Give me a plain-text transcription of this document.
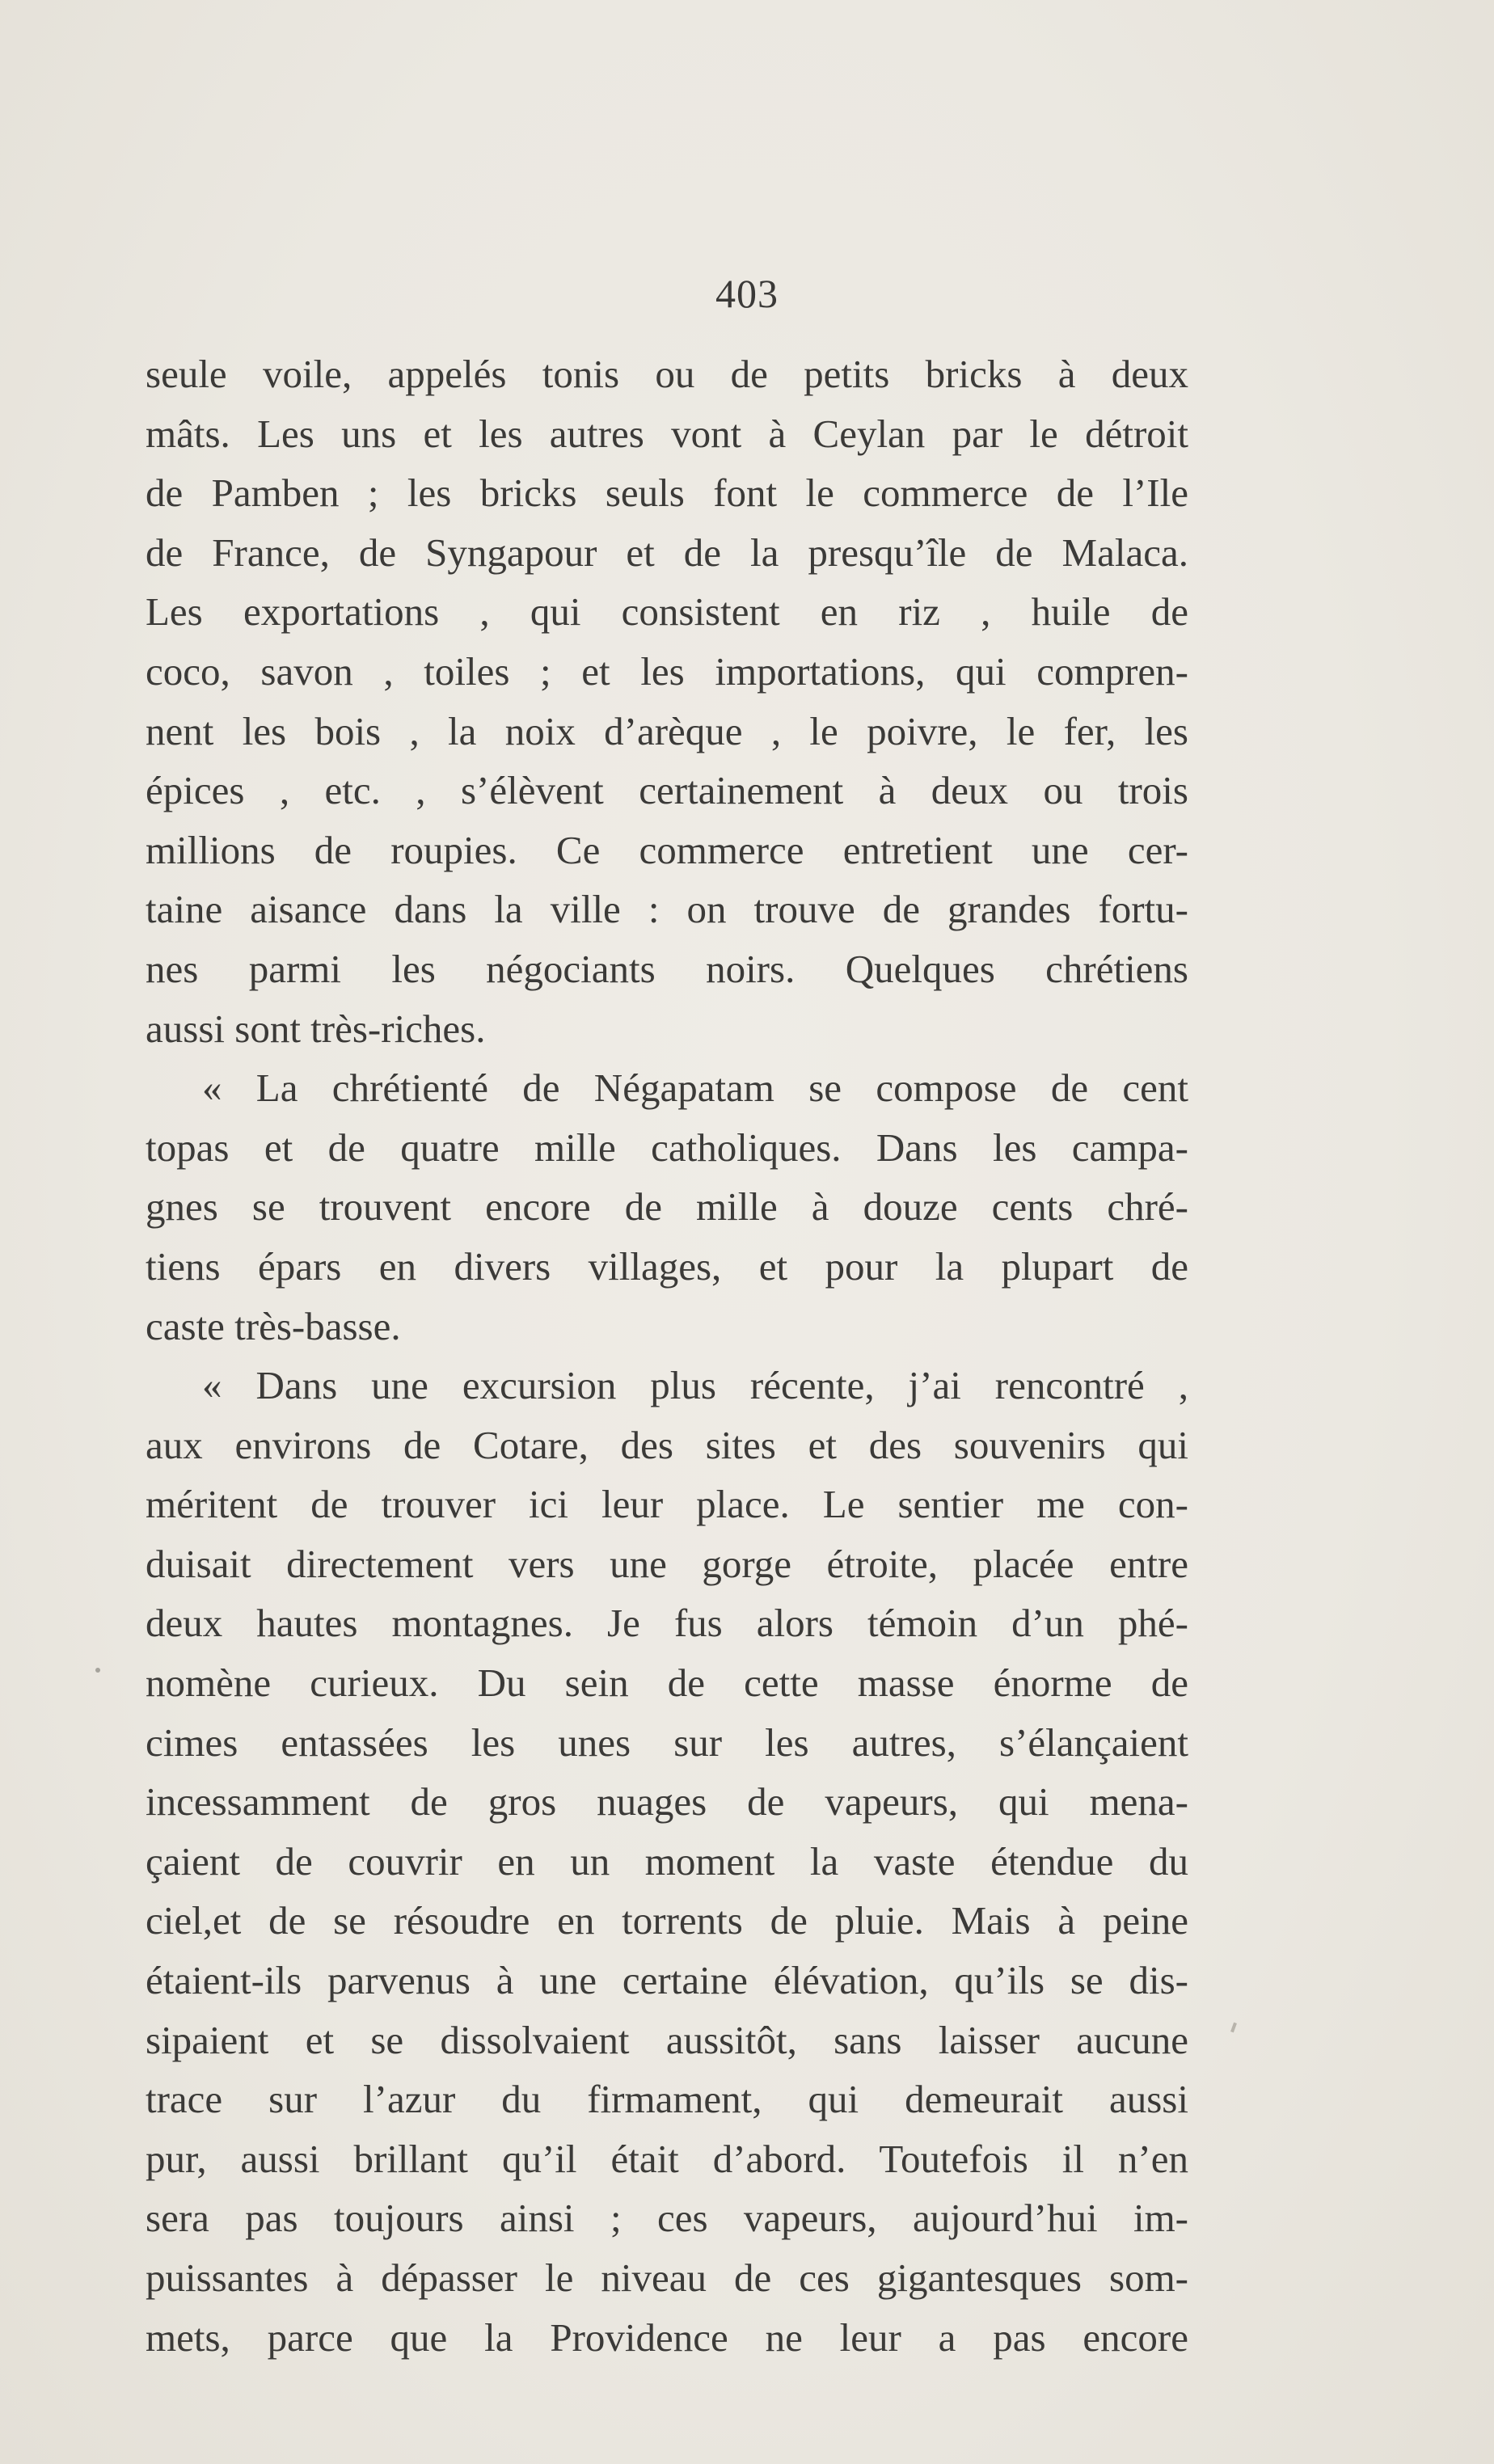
403
seule voile, appelés tonis ou de petits bricks à deux
mâts. Les uns et les autres vont à Ceylan par le détroit
de Pamben ; les bricks seuls font le commerce de l’Ile
de France, de Syngapour et de la presqu’île de Malaca.
Les exportations , qui consistent en riz , huile de
coco, savon , toiles ; et les importations, qui compren-
nent les bois , la noix d’arèque , le poivre, le fer, les
épices , etc. , s’élèvent certainement à deux ou trois
millions de roupies. Ce commerce entretient une cer-
taine aisance dans la ville : on trouve de grandes fortu-
nes parmi les négociants noirs. Quelques chrétiens
aussi sont très-riches.
« La chrétienté de Négapatam se compose de cent
topas et de quatre mille catholiques. Dans les campa-
gnes se trouvent encore de mille à douze cents chré-
tiens épars en divers villages, et pour la plupart de
caste très-basse.
« Dans une excursion plus récente, j’ai rencontré ,
aux environs de Cotare, des sites et des souvenirs qui
méritent de trouver ici leur place. Le sentier me con-
duisait directement vers une gorge étroite, placée entre
deux hautes montagnes. Je fus alors témoin d’un phé-
nomène curieux. Du sein de cette masse énorme de
cimes entassées les unes sur les autres, s’élançaient
incessamment de gros nuages de vapeurs, qui mena-
çaient de couvrir en un moment la vaste étendue du
ciel,et de se résoudre en torrents de pluie. Mais à peine
étaient-ils parvenus à une certaine élévation, qu’ils se dis-
sipaient et se dissolvaient aussitôt, sans laisser aucune
trace sur l’azur du firmament, qui demeurait aussi
pur, aussi brillant qu’il était d’abord. Toutefois il n’en
sera pas toujours ainsi ; ces vapeurs, aujourd’hui im-
puissantes à dépasser le niveau de ces gigantesques som-
mets, parce que la Providence ne leur a pas encore
